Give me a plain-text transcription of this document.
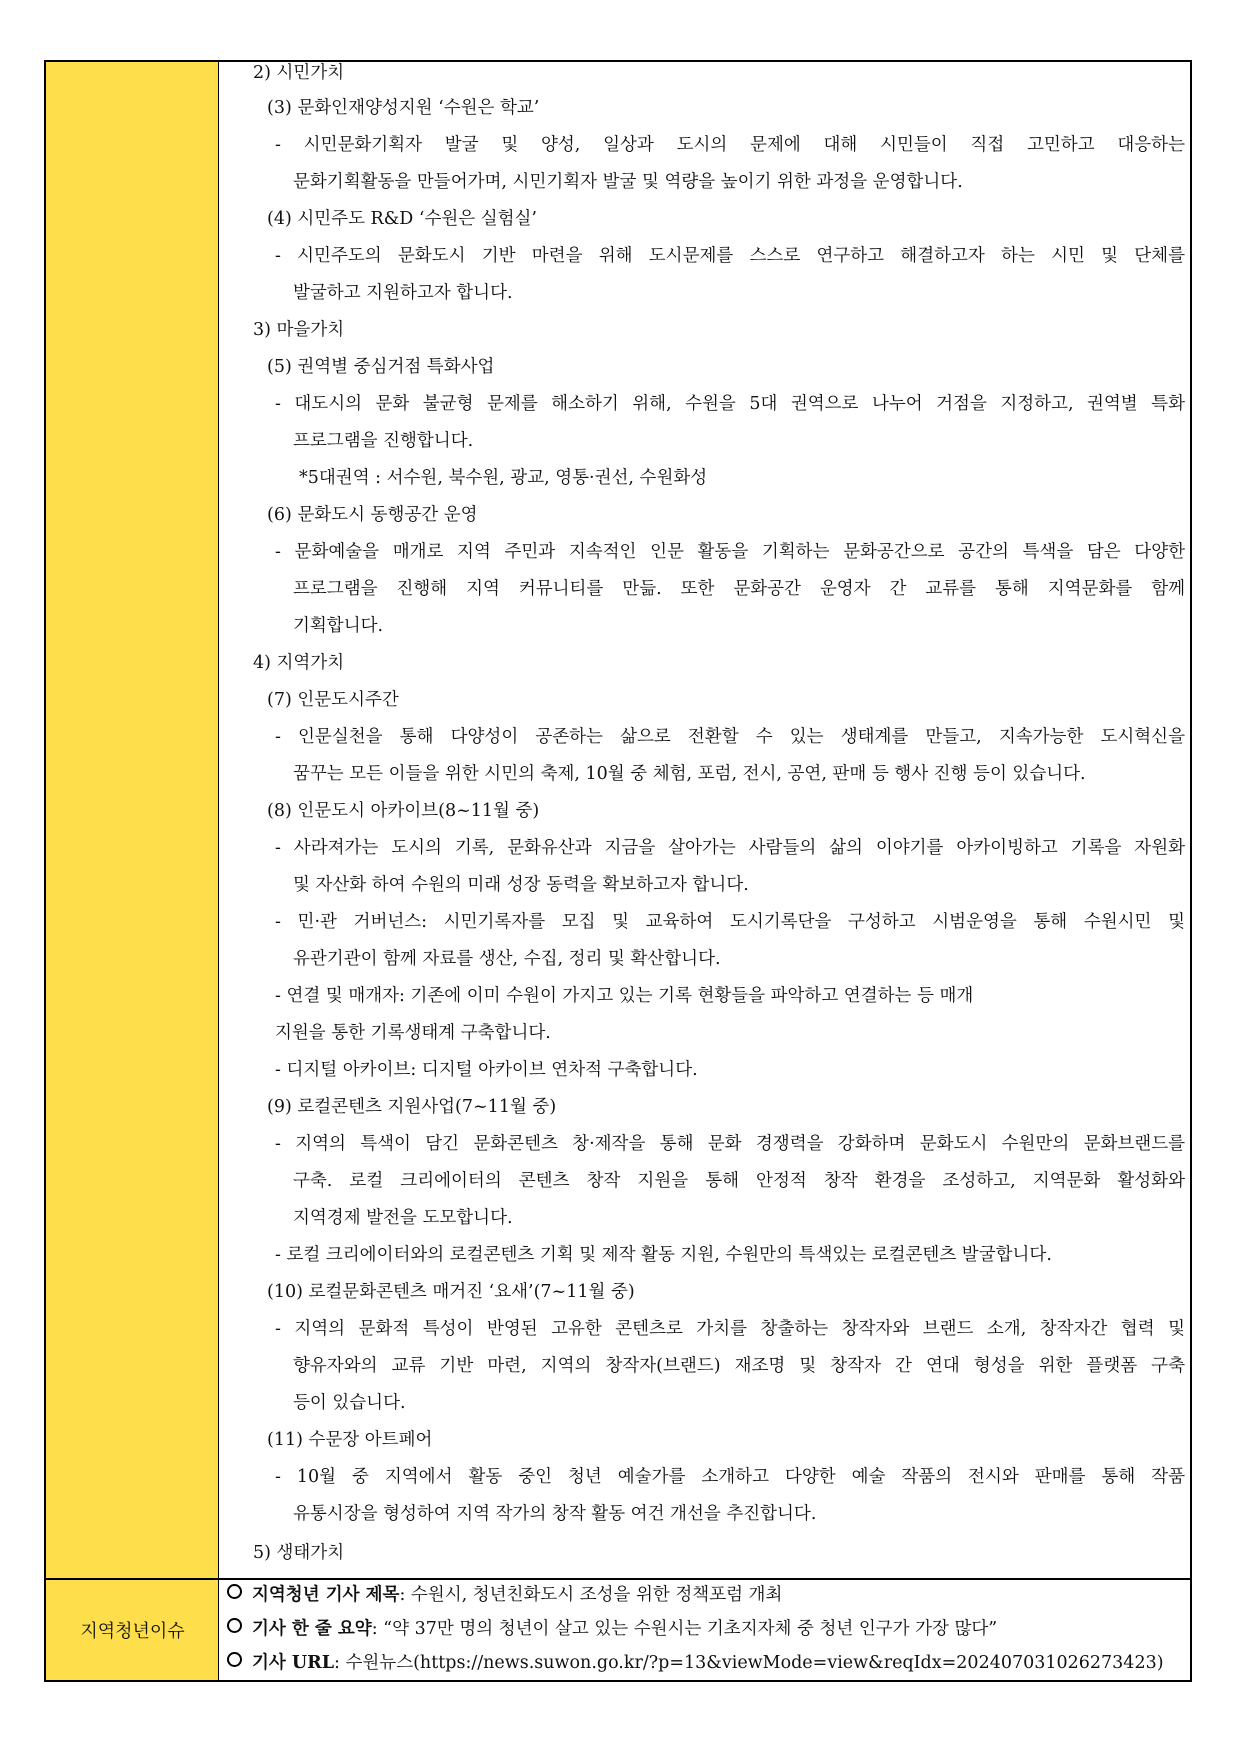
지역청년이슈
2) 시민가치
(3) 문화인재양성지원 ‘수원은 학교’
- 시민문화기획자 발굴 및 양성, 일상과 도시의 문제에 대해 시민들이 직접 고민하고 대응하는
문화기획활동을 만들어가며, 시민기획자 발굴 및 역량을 높이기 위한 과정을 운영합니다.
(4) 시민주도 R&D ‘수원은 실험실’
- 시민주도의 문화도시 기반 마련을 위해 도시문제를 스스로 연구하고 해결하고자 하는 시민 및 단체를
발굴하고 지원하고자 합니다.
3) 마을가치
(5) 권역별 중심거점 특화사업
- 대도시의 문화 불균형 문제를 해소하기 위해, 수원을 5대 권역으로 나누어 거점을 지정하고, 권역별 특화
프로그램을 진행합니다.
*5대권역 : 서수원, 북수원, 광교, 영통·권선, 수원화성
(6) 문화도시 동행공간 운영
- 문화예술을 매개로 지역 주민과 지속적인 인문 활동을 기획하는 문화공간으로 공간의 특색을 담은 다양한
프로그램을 진행해 지역 커뮤니티를 만듦. 또한 문화공간 운영자 간 교류를 통해 지역문화를 함께
기획합니다.
4) 지역가치
(7) 인문도시주간
- 인문실천을 통해 다양성이 공존하는 삶으로 전환할 수 있는 생태계를 만들고, 지속가능한 도시혁신을
꿈꾸는 모든 이들을 위한 시민의 축제, 10월 중 체험, 포럼, 전시, 공연, 판매 등 행사 진행 등이 있습니다.
(8) 인문도시 아카이브(8~11월 중)
- 사라져가는 도시의 기록, 문화유산과 지금을 살아가는 사람들의 삶의 이야기를 아카이빙하고 기록을 자원화
및 자산화 하여 수원의 미래 성장 동력을 확보하고자 합니다.
- 민·관 거버넌스: 시민기록자를 모집 및 교육하여 도시기록단을 구성하고 시범운영을 통해 수원시민 및
유관기관이 함께 자료를 생산, 수집, 정리 및 확산합니다.
- 연결 및 매개자: 기존에 이미 수원이 가지고 있는 기록 현황들을 파악하고 연결하는 등 매개
지원을 통한 기록생태계 구축합니다.
- 디지털 아카이브: 디지털 아카이브 연차적 구축합니다.
(9) 로컬콘텐츠 지원사업(7~11월 중)
- 지역의 특색이 담긴 문화콘텐츠 창·제작을 통해 문화 경쟁력을 강화하며 문화도시 수원만의 문화브랜드를
구축. 로컬 크리에이터의 콘텐츠 창작 지원을 통해 안정적 창작 환경을 조성하고, 지역문화 활성화와
지역경제 발전을 도모합니다.
- 로컬 크리에이터와의 로컬콘텐츠 기획 및 제작 활동 지원, 수원만의 특색있는 로컬콘텐츠 발굴합니다.
(10) 로컬문화콘텐츠 매거진 ‘요새’(7~11월 중)
- 지역의 문화적 특성이 반영된 고유한 콘텐츠로 가치를 창출하는 창작자와 브랜드 소개, 창작자간 협력 및
향유자와의 교류 기반 마련, 지역의 창작자(브랜드) 재조명 및 창작자 간 연대 형성을 위한 플랫폼 구축
등이 있습니다.
(11) 수문장 아트페어
- 10월 중 지역에서 활동 중인 청년 예술가를 소개하고 다양한 예술 작품의 전시와 판매를 통해 작품
유통시장을 형성하여 지역 작가의 창작 활동 여건 개선을 추진합니다.
5) 생태가치
지역청년 기사 제목: 수원시, 청년친화도시 조성을 위한 정책포럼 개최
기사 한 줄 요약: “약 37만 명의 청년이 살고 있는 수원시는 기초지자체 중 청년 인구가 가장 많다”
기사 URL: 수원뉴스(https://news.suwon.go.kr/?p=13&viewMode=view&reqIdx=20240703102627342​3)
